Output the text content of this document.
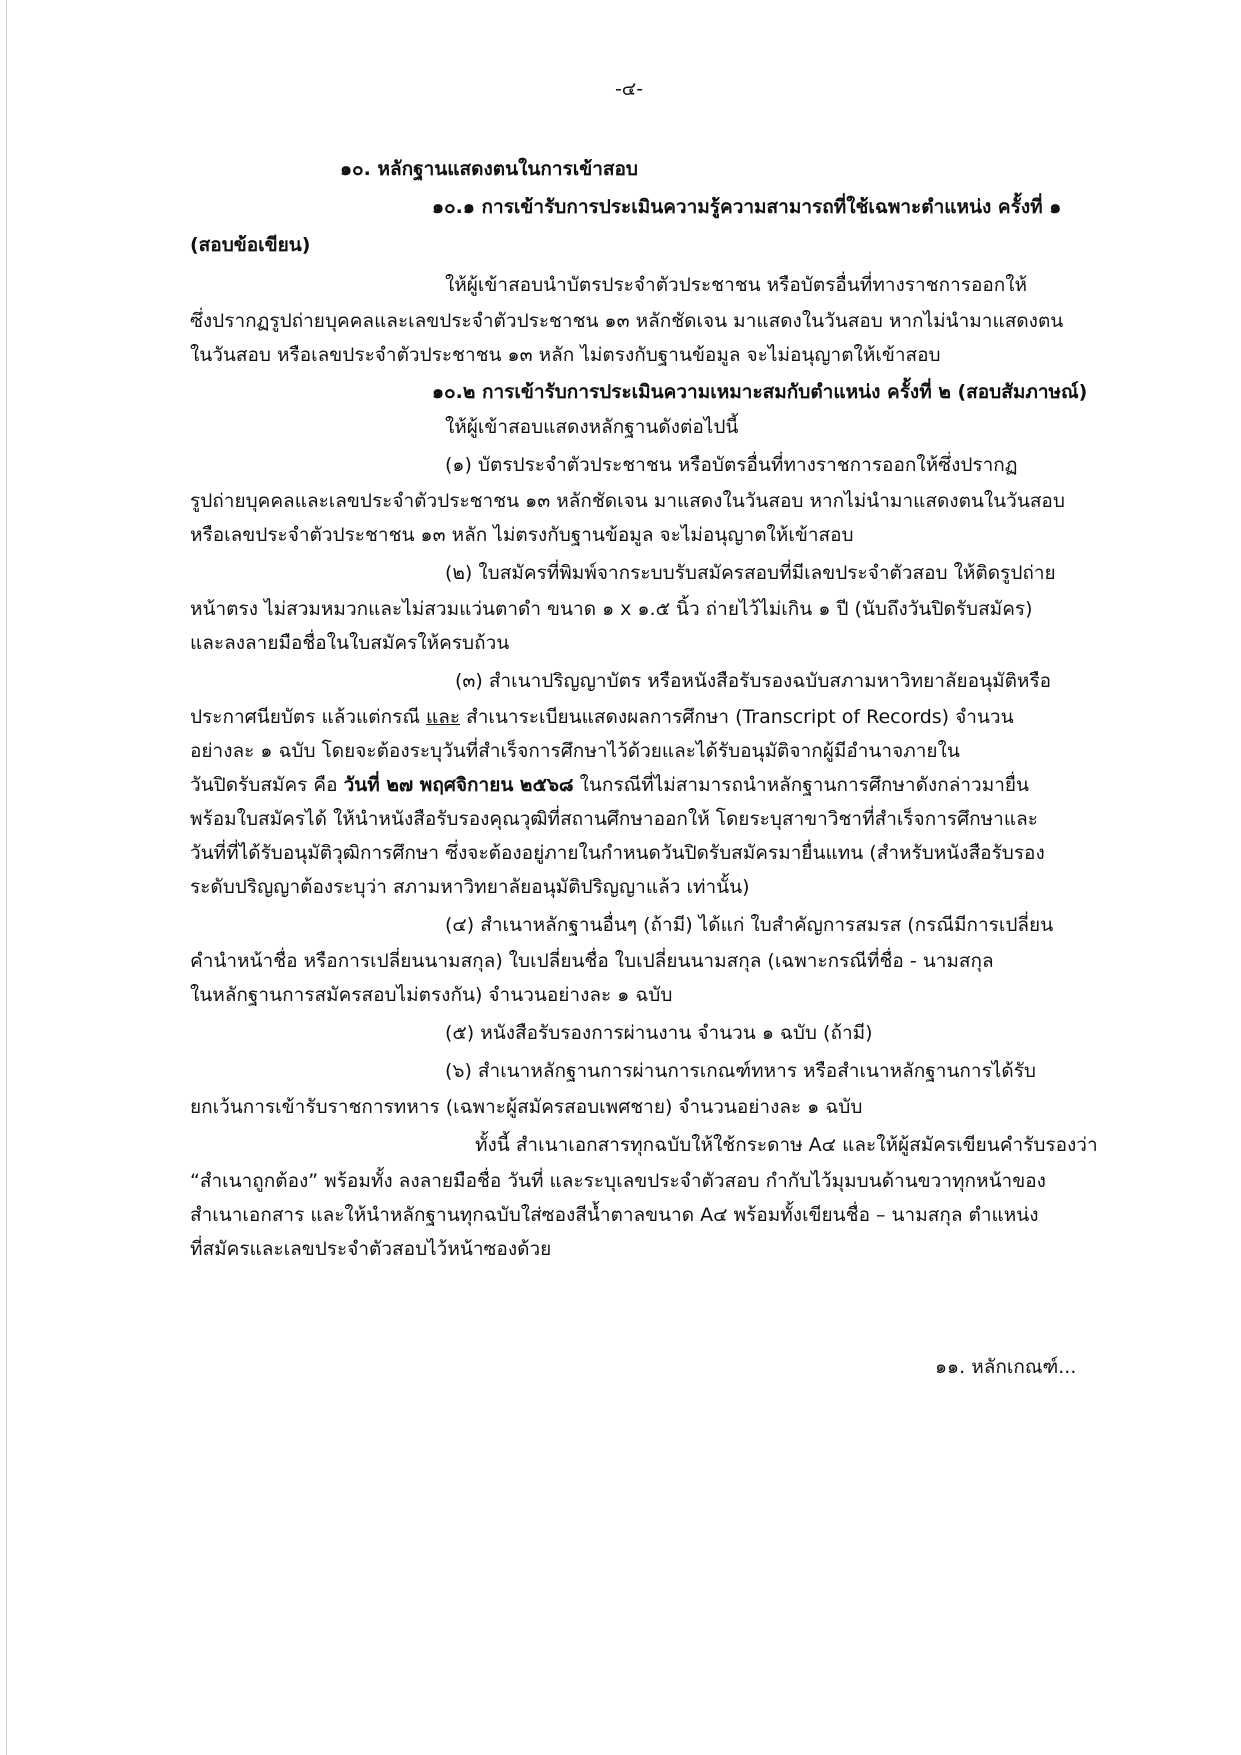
-๔-
๑๐. หลักฐานแสดงตนในการเข้าสอบ
๑๐.๑ การเข้ารับการประเมินความรู้ความสามารถที่ใช้เฉพาะตำแหน่ง ครั้งที่ ๑
(สอบข้อเขียน)
ให้ผู้เข้าสอบนำบัตรประจำตัวประชาชน หรือบัตรอื่นที่ทางราชการออกให้
ซึ่งปรากฏรูปถ่ายบุคคลและเลขประจำตัวประชาชน ๑๓ หลักชัดเจน มาแสดงในวันสอบ หากไม่นำมาแสดงตน
ในวันสอบ หรือเลขประจำตัวประชาชน ๑๓ หลัก ไม่ตรงกับฐานข้อมูล จะไม่อนุญาตให้เข้าสอบ
๑๐.๒ การเข้ารับการประเมินความเหมาะสมกับตำแหน่ง ครั้งที่ ๒ (สอบสัมภาษณ์)
ให้ผู้เข้าสอบแสดงหลักฐานดังต่อไปนี้
(๑) บัตรประจำตัวประชาชน หรือบัตรอื่นที่ทางราชการออกให้ซึ่งปรากฏ
รูปถ่ายบุคคลและเลขประจำตัวประชาชน ๑๓ หลักชัดเจน มาแสดงในวันสอบ หากไม่นำมาแสดงตนในวันสอบ
หรือเลขประจำตัวประชาชน ๑๓ หลัก ไม่ตรงกับฐานข้อมูล จะไม่อนุญาตให้เข้าสอบ
(๒) ใบสมัครที่พิมพ์จากระบบรับสมัครสอบที่มีเลขประจำตัวสอบ ให้ติดรูปถ่าย
หน้าตรง ไม่สวมหมวกและไม่สวมแว่นตาดำ ขนาด ๑ x ๑.๕ นิ้ว ถ่ายไว้ไม่เกิน ๑ ปี (นับถึงวันปิดรับสมัคร)
และลงลายมือชื่อในใบสมัครให้ครบถ้วน
(๓) สำเนาปริญญาบัตร หรือหนังสือรับรองฉบับสภามหาวิทยาลัยอนุมัติหรือ
ประกาศนียบัตร แล้วแต่กรณี และ สำเนาระเบียนแสดงผลการศึกษา (Transcript of Records) จำนวน
อย่างละ ๑ ฉบับ โดยจะต้องระบุวันที่สำเร็จการศึกษาไว้ด้วยและได้รับอนุมัติจากผู้มีอำนาจภายใน
วันปิดรับสมัคร คือ วันที่ ๒๗ พฤศจิกายน ๒๕๖๘ ในกรณีที่ไม่สามารถนำหลักฐานการศึกษาดังกล่าวมายื่น
พร้อมใบสมัครได้ ให้นำหนังสือรับรองคุณวุฒิที่สถานศึกษาออกให้ โดยระบุสาขาวิชาที่สำเร็จการศึกษาและ
วันที่ที่ได้รับอนุมัติวุฒิการศึกษา ซึ่งจะต้องอยู่ภายในกำหนดวันปิดรับสมัครมายื่นแทน (สำหรับหนังสือรับรอง
ระดับปริญญาต้องระบุว่า สภามหาวิทยาลัยอนุมัติปริญญาแล้ว เท่านั้น)
(๔) สำเนาหลักฐานอื่นๆ (ถ้ามี) ได้แก่ ใบสำคัญการสมรส (กรณีมีการเปลี่ยน
คำนำหน้าชื่อ หรือการเปลี่ยนนามสกุล) ใบเปลี่ยนชื่อ ใบเปลี่ยนนามสกุล (เฉพาะกรณีที่ชื่อ - นามสกุล
ในหลักฐานการสมัครสอบไม่ตรงกัน) จำนวนอย่างละ ๑ ฉบับ
(๕) หนังสือรับรองการผ่านงาน จำนวน ๑ ฉบับ (ถ้ามี)
(๖) สำเนาหลักฐานการผ่านการเกณฑ์ทหาร หรือสำเนาหลักฐานการได้รับ
ยกเว้นการเข้ารับราชการทหาร (เฉพาะผู้สมัครสอบเพศชาย) จำนวนอย่างละ ๑ ฉบับ
ทั้งนี้ สำเนาเอกสารทุกฉบับให้ใช้กระดาษ A๔ และให้ผู้สมัครเขียนคำรับรองว่า
“สำเนาถูกต้อง” พร้อมทั้ง ลงลายมือชื่อ วันที่ และระบุเลขประจำตัวสอบ กำกับไว้มุมบนด้านขวาทุกหน้าของ
สำเนาเอกสาร และให้นำหลักฐานทุกฉบับใส่ซองสีน้ำตาลขนาด A๔ พร้อมทั้งเขียนชื่อ – นามสกุล ตำแหน่ง
ที่สมัครและเลขประจำตัวสอบไว้หน้าซองด้วย
๑๑. หลักเกณฑ์...
